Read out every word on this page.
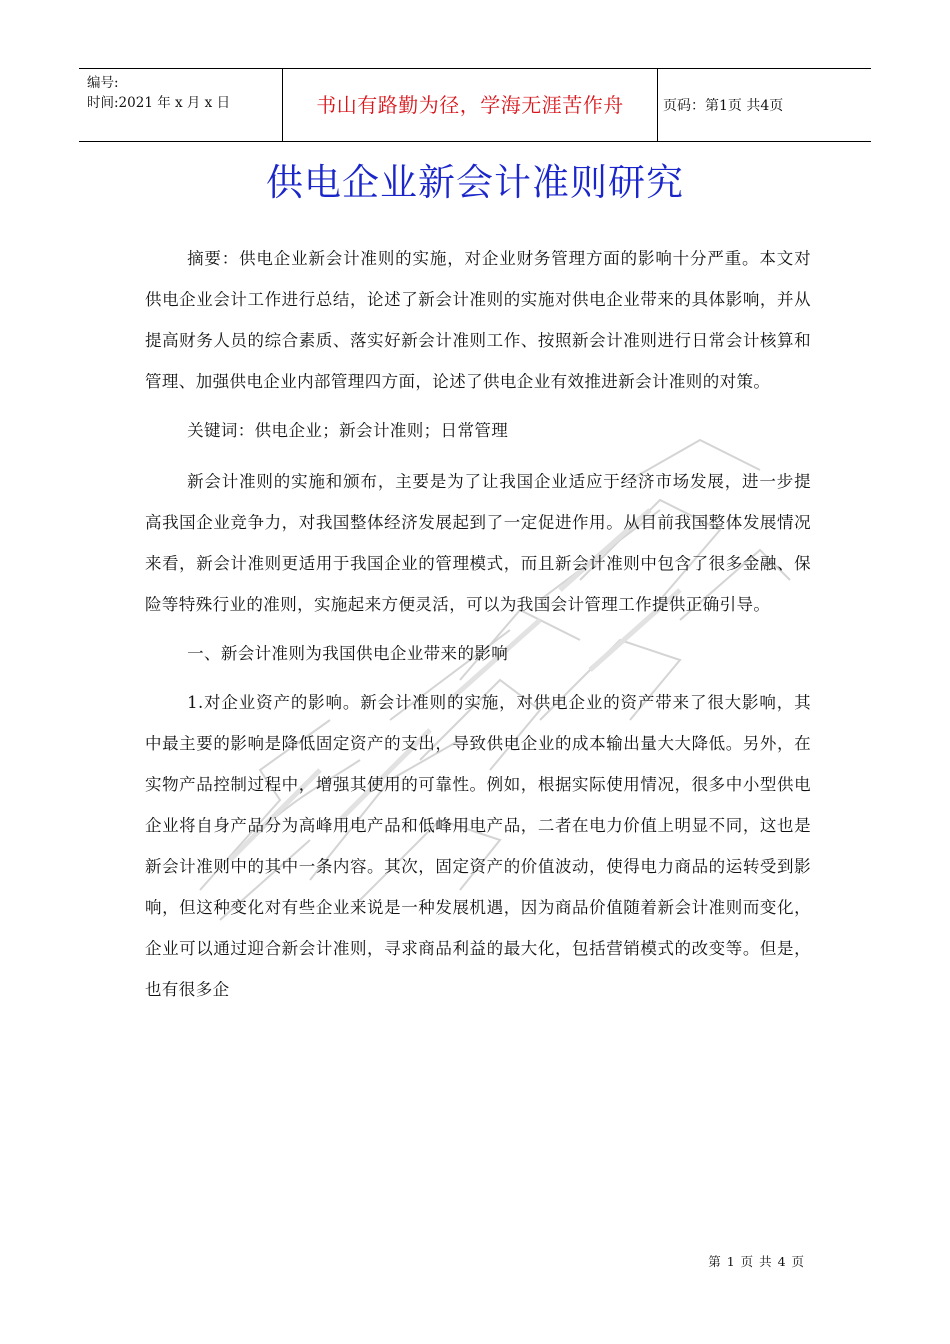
编号:
时间:2021 年 x 月 x 日	书山有路勤为径，学海无涯苦作舟	页码：第1页 共4页
供电企业新会计准则研究

摘要：供电企业新会计准则的实施，对企业财务管理方面的影响十分严重。本文对供电企业会计工作进行总结，论述了新会计准则的实施对供电企业带来的具体影响，并从提高财务人员的综合素质、落实好新会计准则工作、按照新会计准则进行日常会计核算和管理、加强供电企业内部管理四方面，论述了供电企业有效推进新会计准则的对策。

关键词：供电企业；新会计准则；日常管理

新会计准则的实施和颁布，主要是为了让我国企业适应于经济市场发展，进一步提高我国企业竞争力，对我国整体经济发展起到了一定促进作用。从目前我国整体发展情况来看，新会计准则更适用于我国企业的管理模式，而且新会计准则中包含了很多金融、保险等特殊行业的准则，实施起来方便灵活，可以为我国会计管理工作提供正确引导。

一、新会计准则为我国供电企业带来的影响

1.对企业资产的影响。新会计准则的实施，对供电企业的资产带来了很大影响，其中最主要的影响是降低固定资产的支出，导致供电企业的成本输出量大大降低。另外，在实物产品控制过程中，增强其使用的可靠性。例如，根据实际使用情况，很多中小型供电企业将自身产品分为高峰用电产品和低峰用电产品，二者在电力价值上明显不同，这也是新会计准则中的其中一条内容。其次，固定资产的价值波动，使得电力商品的运转受到影响，但这种变化对有些企业来说是一种发展机遇，因为商品价值随着新会计准则而变化，企业可以通过迎合新会计准则，寻求商品利益的最大化，包括营销模式的改变等。但是，也有很多企

第 1 页 共 4 页
